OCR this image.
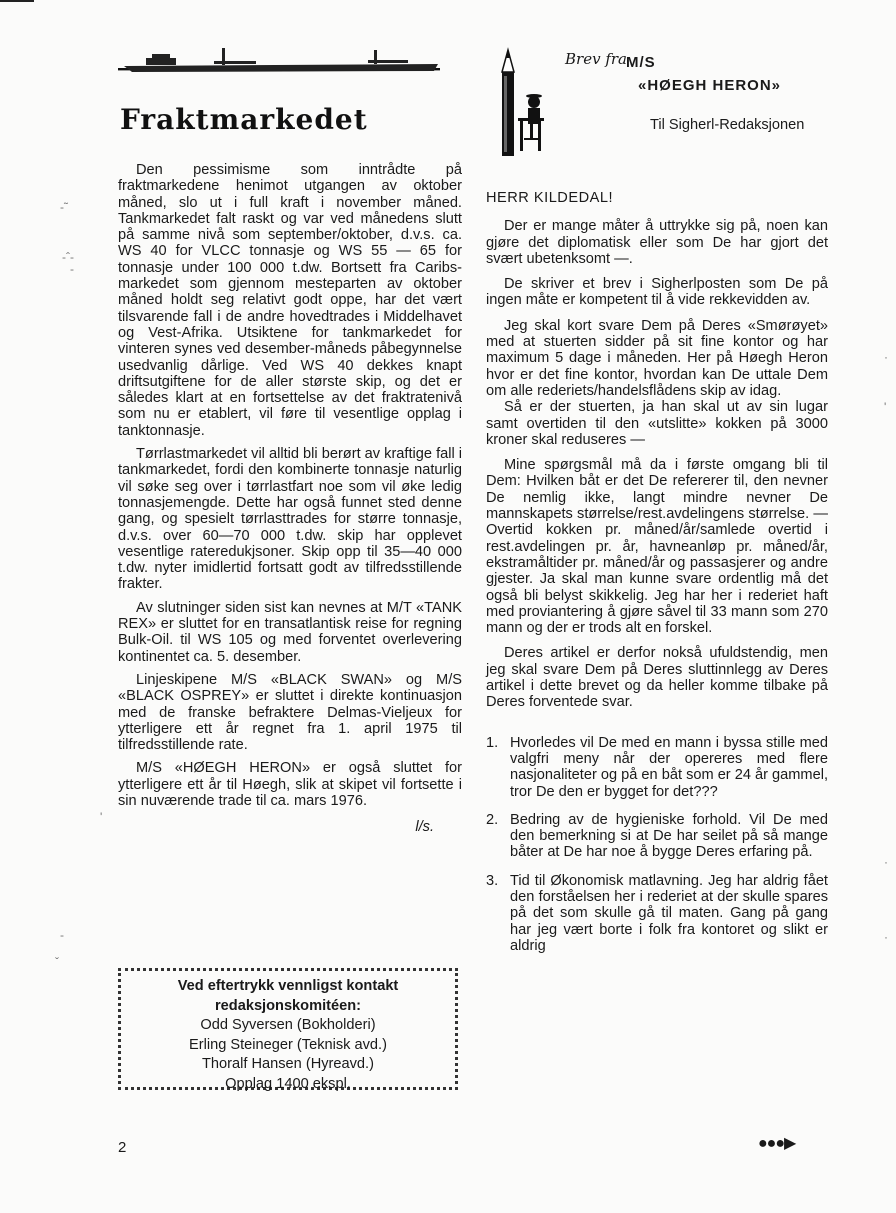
Fraktmarkedet

Den pessimisme som inntrådte på fraktmarkedene henimot utgangen av oktober måned, slo ut i full kraft i november måned. Tankmarkedet falt raskt og var ved månedens slutt på samme nivå som september/oktober, d.v.s. ca. WS 40 for VLCC tonnasje og WS 55 — 65 for tonnasje under 100 000 t.dw. Bortsett fra Caribs-markedet som gjennom mesteparten av oktober måned holdt seg relativt godt oppe, har det vært tilsvarende fall i de andre hovedtrades i Middelhavet og Vest-Afrika. Utsiktene for tankmarkedet for vinteren synes ved desember-måneds påbegynnelse usedvanlig dårlige. Ved WS 40 dekkes knapt driftsutgiftene for de aller største skip, og det er således klart at en fortsettelse av det fraktratenivå som nu er etablert, vil føre til vesentlige opplag i tanktonnasje.

Tørrlastmarkedet vil alltid bli berørt av kraftige fall i tankmarkedet, fordi den kombinerte tonnasje naturlig vil søke seg over i tørrlastfart noe som vil øke ledig tonnasjemengde. Dette har også funnet sted denne gang, og spesielt tørrlasttrades for større tonnasje, d.v.s. over 60—70 000 t.dw. skip har opplevet vesentlige rateredukjsoner. Skip opp til 35—40 000 t.dw. nyter imidlertid fortsatt godt av tilfredsstillende frakter.

Av slutninger siden sist kan nevnes at M/T «TANK REX» er sluttet for en transatlantisk reise for regning Bulk-Oil. til WS 105 og med forventet overlevering kontinentet ca. 5. desember.

Linjeskipene M/S «BLACK SWAN» og M/S «BLACK OSPREY» er sluttet i direkte kontinuasjon med de franske befraktere Delmas-Vieljeux for ytterligere ett år regnet fra 1. april 1975 til tilfredsstillende rate.

M/S «HØEGH HERON» er også sluttet for ytterligere ett år til Høegh, slik at skipet vil fortsette i sin nuværende trade til ca. mars 1976.

l/s.
Ved eftertrykk vennligst kontakt
redaksjonskomitéen:
Odd Syversen (Bokholderi)
Erling Steineger (Teknisk avd.)
Thoralf Hansen (Hyreavd.)
Opplag 1400 ekspl.
2
Brev fra M/S
«HØEGH HERON»
Til Sigherl-Redaksjonen
HERR KILDEDAL!

Der er mange måter å uttrykke sig på, noen kan gjøre det diplomatisk eller som De har gjort det svært ubetenksomt —.

De skriver et brev i Sigherlposten som De på ingen måte er kompetent til å vide rekkevidden av.

Jeg skal kort svare Dem på Deres «Smørøyet» med at stuerten sidder på sit fine kontor og har maximum 5 dage i måneden. Her på Høegh Heron hvor er det fine kontor, hvordan kan De uttale Dem om alle rederiets/handelsflådens skip av idag.

Så er der stuerten, ja han skal ut av sin lugar samt overtiden til den «utslitte» kokken på 3000 kroner skal reduseres —

Mine spørgsmål må da i første omgang bli til Dem: Hvilken båt er det De refererer til, den nevner De nemlig ikke, langt mindre nevner De mannskapets størrelse/rest.avdelingens størrelse. — Overtid kokken pr. måned/år/samlede overtid i rest.avdelingen pr. år, havneanløp pr. måned/år, ekstramåltider pr. måned/år og passasjerer og andre gjester. Ja skal man kunne svare ordentlig må det også bli belyst skikkelig. Jeg har her i rederiet haft med proviantering å gjøre såvel til 33 mann som 270 mann og der er trods alt en forskel.

Deres artikel er derfor nokså ufuldstendig, men jeg skal svare Dem på Deres sluttinnlegg av Deres artikel i dette brevet og da heller komme tilbake på Deres forventede svar.

1. Hvorledes vil De med en mann i byssa stille med valgfri meny når der opereres med flere nasjonaliteter og på en båt som er 24 år gammel, tror De den er bygget for det???
2. Bedring av de hygieniske forhold. Vil De med den bemerkning si at De har seilet på så mange båter at De har noe å bygge Deres erfaring på.
3. Tid til Økonomisk matlavning. Jeg har aldrig fået den forståelsen her i rederiet at der skulle spares på det som skulle gå til maten. Gang på gang har jeg vært borte i folk fra kontoret og slikt er aldrig
●●●▶
-˜
-ˆ-
-
'
-
ˇ
·
'
·
·
